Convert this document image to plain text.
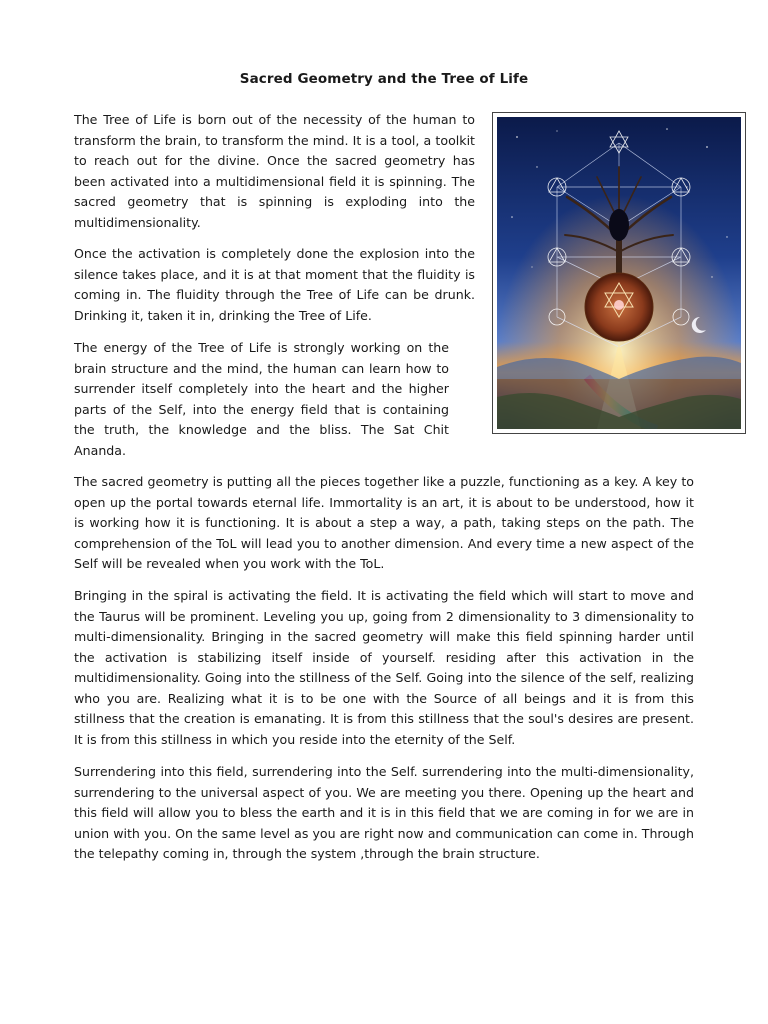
Sacred Geometry and the Tree of Life

The Tree of Life is born out of the necessity of the human to transform the brain, to transform the mind. It is a tool, a toolkit to reach out for the divine. Once the sacred geometry has been activated into a multidimensional field it is spinning. The sacred geometry that is spinning is exploding into the multidimensionality.

Once the activation is completely done the explosion into the silence takes place, and it is at that moment that the fluidity is coming in. The fluidity through the Tree of Life can be drunk. Drinking it, taken it in, drinking the Tree of Life.

The energy of the Tree of Life is strongly working on the brain structure and the mind, the human can learn how to surrender itself completely into the heart and the higher parts of the Self, into the energy field that is containing the truth, the knowledge and the bliss. The Sat Chit Ananda.

The sacred geometry is putting all the pieces together like a puzzle, functioning as a key. A key to open up the portal towards eternal life. Immortality is an art, it is about to be understood, how it is working how it is functioning. It is about a step a way, a path, taking steps on the path. The comprehension of the ToL will lead you to another dimension. And every time a new aspect of the Self will be revealed when you work with the ToL.

Bringing in the spiral is activating the field. It is activating the field which will start to move and the Taurus will be prominent. Leveling you up, going from 2 dimensionality to 3 dimensionality to multi-dimensionality. Bringing in the sacred geometry will make this field spinning harder until the activation is stabilizing itself inside of yourself. residing after this activation in the multidimensionality. Going into the stillness of the Self. Going into the silence of the self, realizing who you are. Realizing what it is to be one with the Source of all beings and it is from this stillness that the creation is emanating. It is from this stillness that the soul's desires are present. It is from this stillness in which you reside into the eternity of the Self.

Surrendering into this field, surrendering into the Self. surrendering into the multi-dimensionality, surrendering to the universal aspect of you. We are meeting you there. Opening up the heart and this field will allow you to bless the earth and it is in this field that we are coming in for we are in union with you. On the same level as you are right now and communication can come in. Through the telepathy coming in, through the system ,through the brain structure.
